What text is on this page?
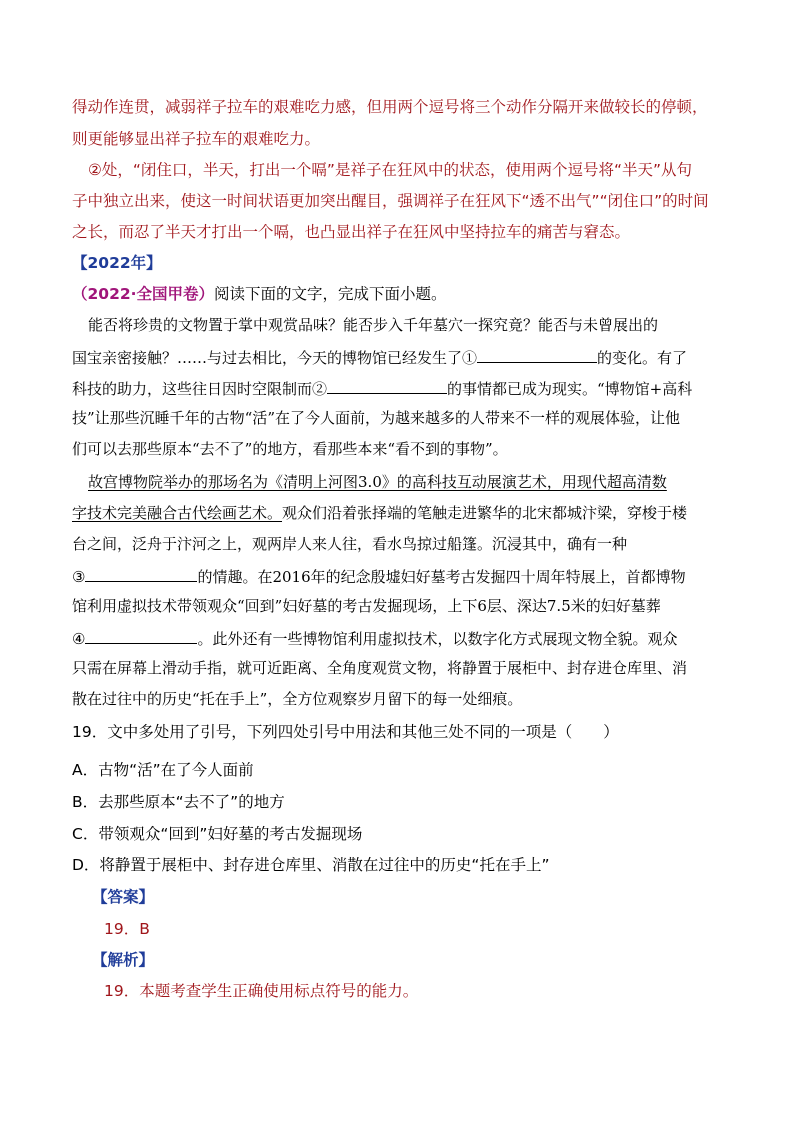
得动作连贯，减弱祥子拉车的艰难吃力感，但用两个逗号将三个动作分隔开来做较长的停顿，
则更能够显出祥子拉车的艰难吃力。
②处，“闭住口，半天，打出一个嗝”是祥子在狂风中的状态，使用两个逗号将“半天”从句
子中独立出来，使这一时间状语更加突出醒目，强调祥子在狂风下“透不出气”“闭住口”的时间
之长，而忍了半天才打出一个嗝，也凸显出祥子在狂风中坚持拉车的痛苦与窘态。
【2022年】
（2022·全国甲卷）阅读下面的文字，完成下面小题。
能否将珍贵的文物置于掌中观赏品味？能否步入千年墓穴一探究竟？能否与未曾展出的
国宝亲密接触？……与过去相比，今天的博物馆已经发生了①	的变化。有了
科技的助力，这些往日因时空限制而②	的事情都已成为现实。“博物馆+高科
技”让那些沉睡千年的古物“活”在了今人面前，为越来越多的人带来不一样的观展体验，让他
们可以去那些原本“去不了”的地方，看那些本来“看不到的事物”。
故宫博物院举办的那场名为《清明上河图3.0》的高科技互动展演艺术，用现代超高清数
字技术完美融合古代绘画艺术。观众们沿着张择端的笔触走进繁华的北宋都城汴梁，穿梭于楼
台之间，泛舟于汴河之上，观两岸人来人往，看水鸟掠过船篷。沉浸其中，确有一种
③	的情趣。在2016年的纪念殷墟妇好墓考古发掘四十周年特展上，首都博物
馆利用虚拟技术带领观众“回到”妇好墓的考古发掘现场，上下6层、深达7.5米的妇好墓葬
④	。此外还有一些博物馆利用虚拟技术，以数字化方式展现文物全貌。观众
只需在屏幕上滑动手指，就可近距离、全角度观赏文物，将静置于展柜中、封存进仓库里、消
散在过往中的历史“托在手上”，全方位观察岁月留下的每一处细痕。
19．文中多处用了引号，下列四处引号中用法和其他三处不同的一项是（　　）
A．古物“活”在了今人面前
B．去那些原本“去不了”的地方
C．带领观众“回到”妇好墓的考古发掘现场
D．将静置于展柜中、封存进仓库里、消散在过往中的历史“托在手上”
【答案】
19．B
【解析】
19．本题考查学生正确使用标点符号的能力。
